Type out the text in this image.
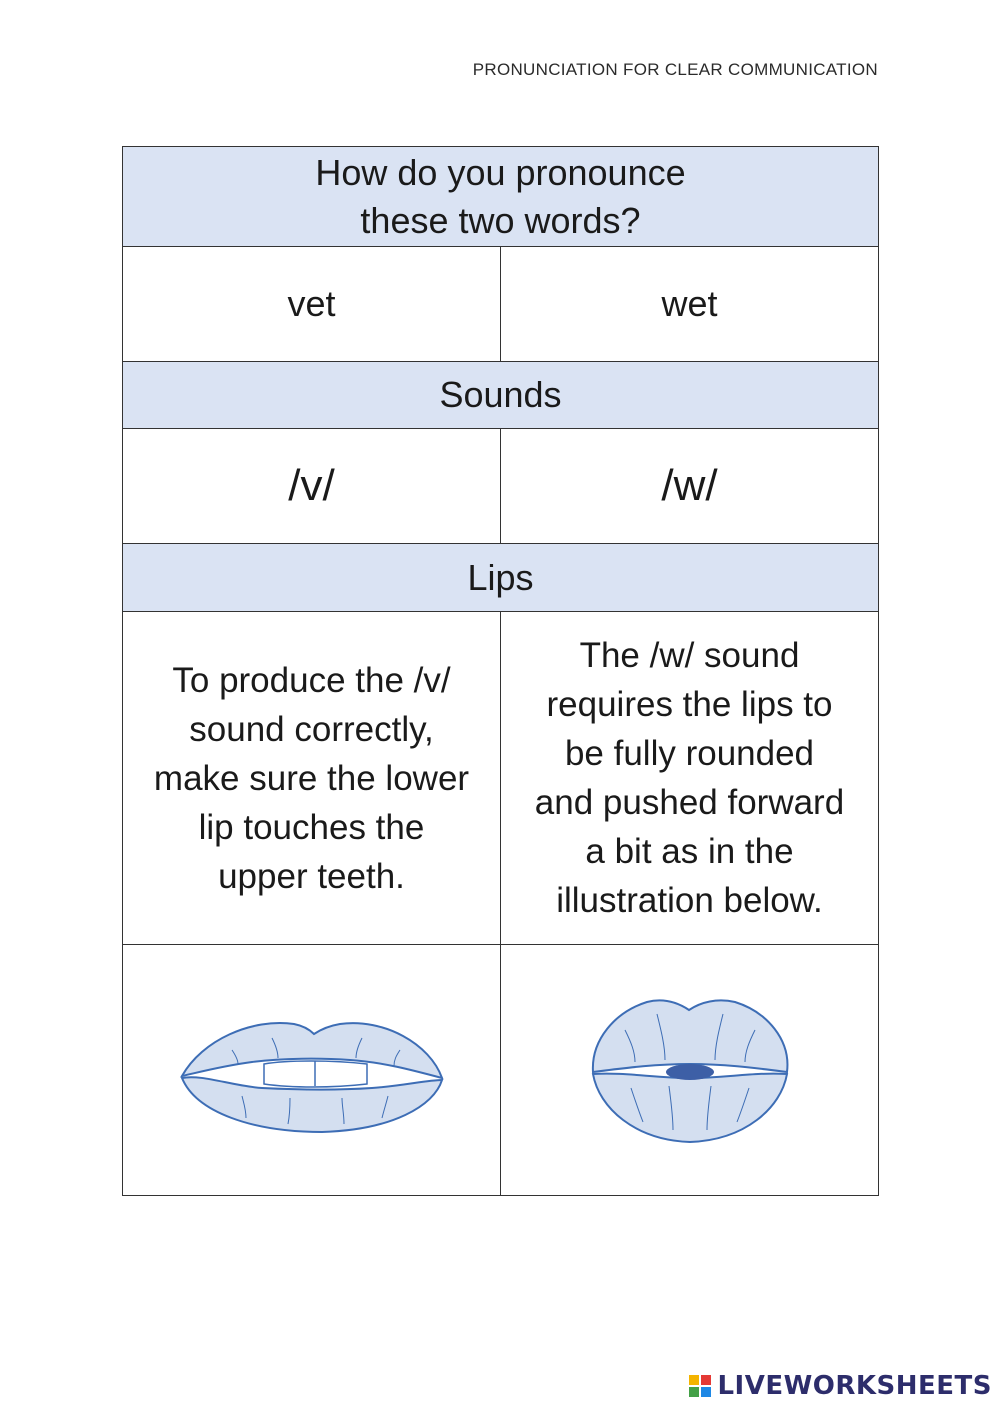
PRONUNCIATION FOR CLEAR COMMUNICATION
How do you pronounce
these two words?
vet	wet
Sounds
/v/	/w/
Lips
To produce the /v/
sound correctly,
make sure the lower
lip touches the
upper teeth.
The /w/ sound
requires the lips to
be fully rounded
and pushed forward
a bit as in the
illustration below.
LIVEWORKSHEETS
